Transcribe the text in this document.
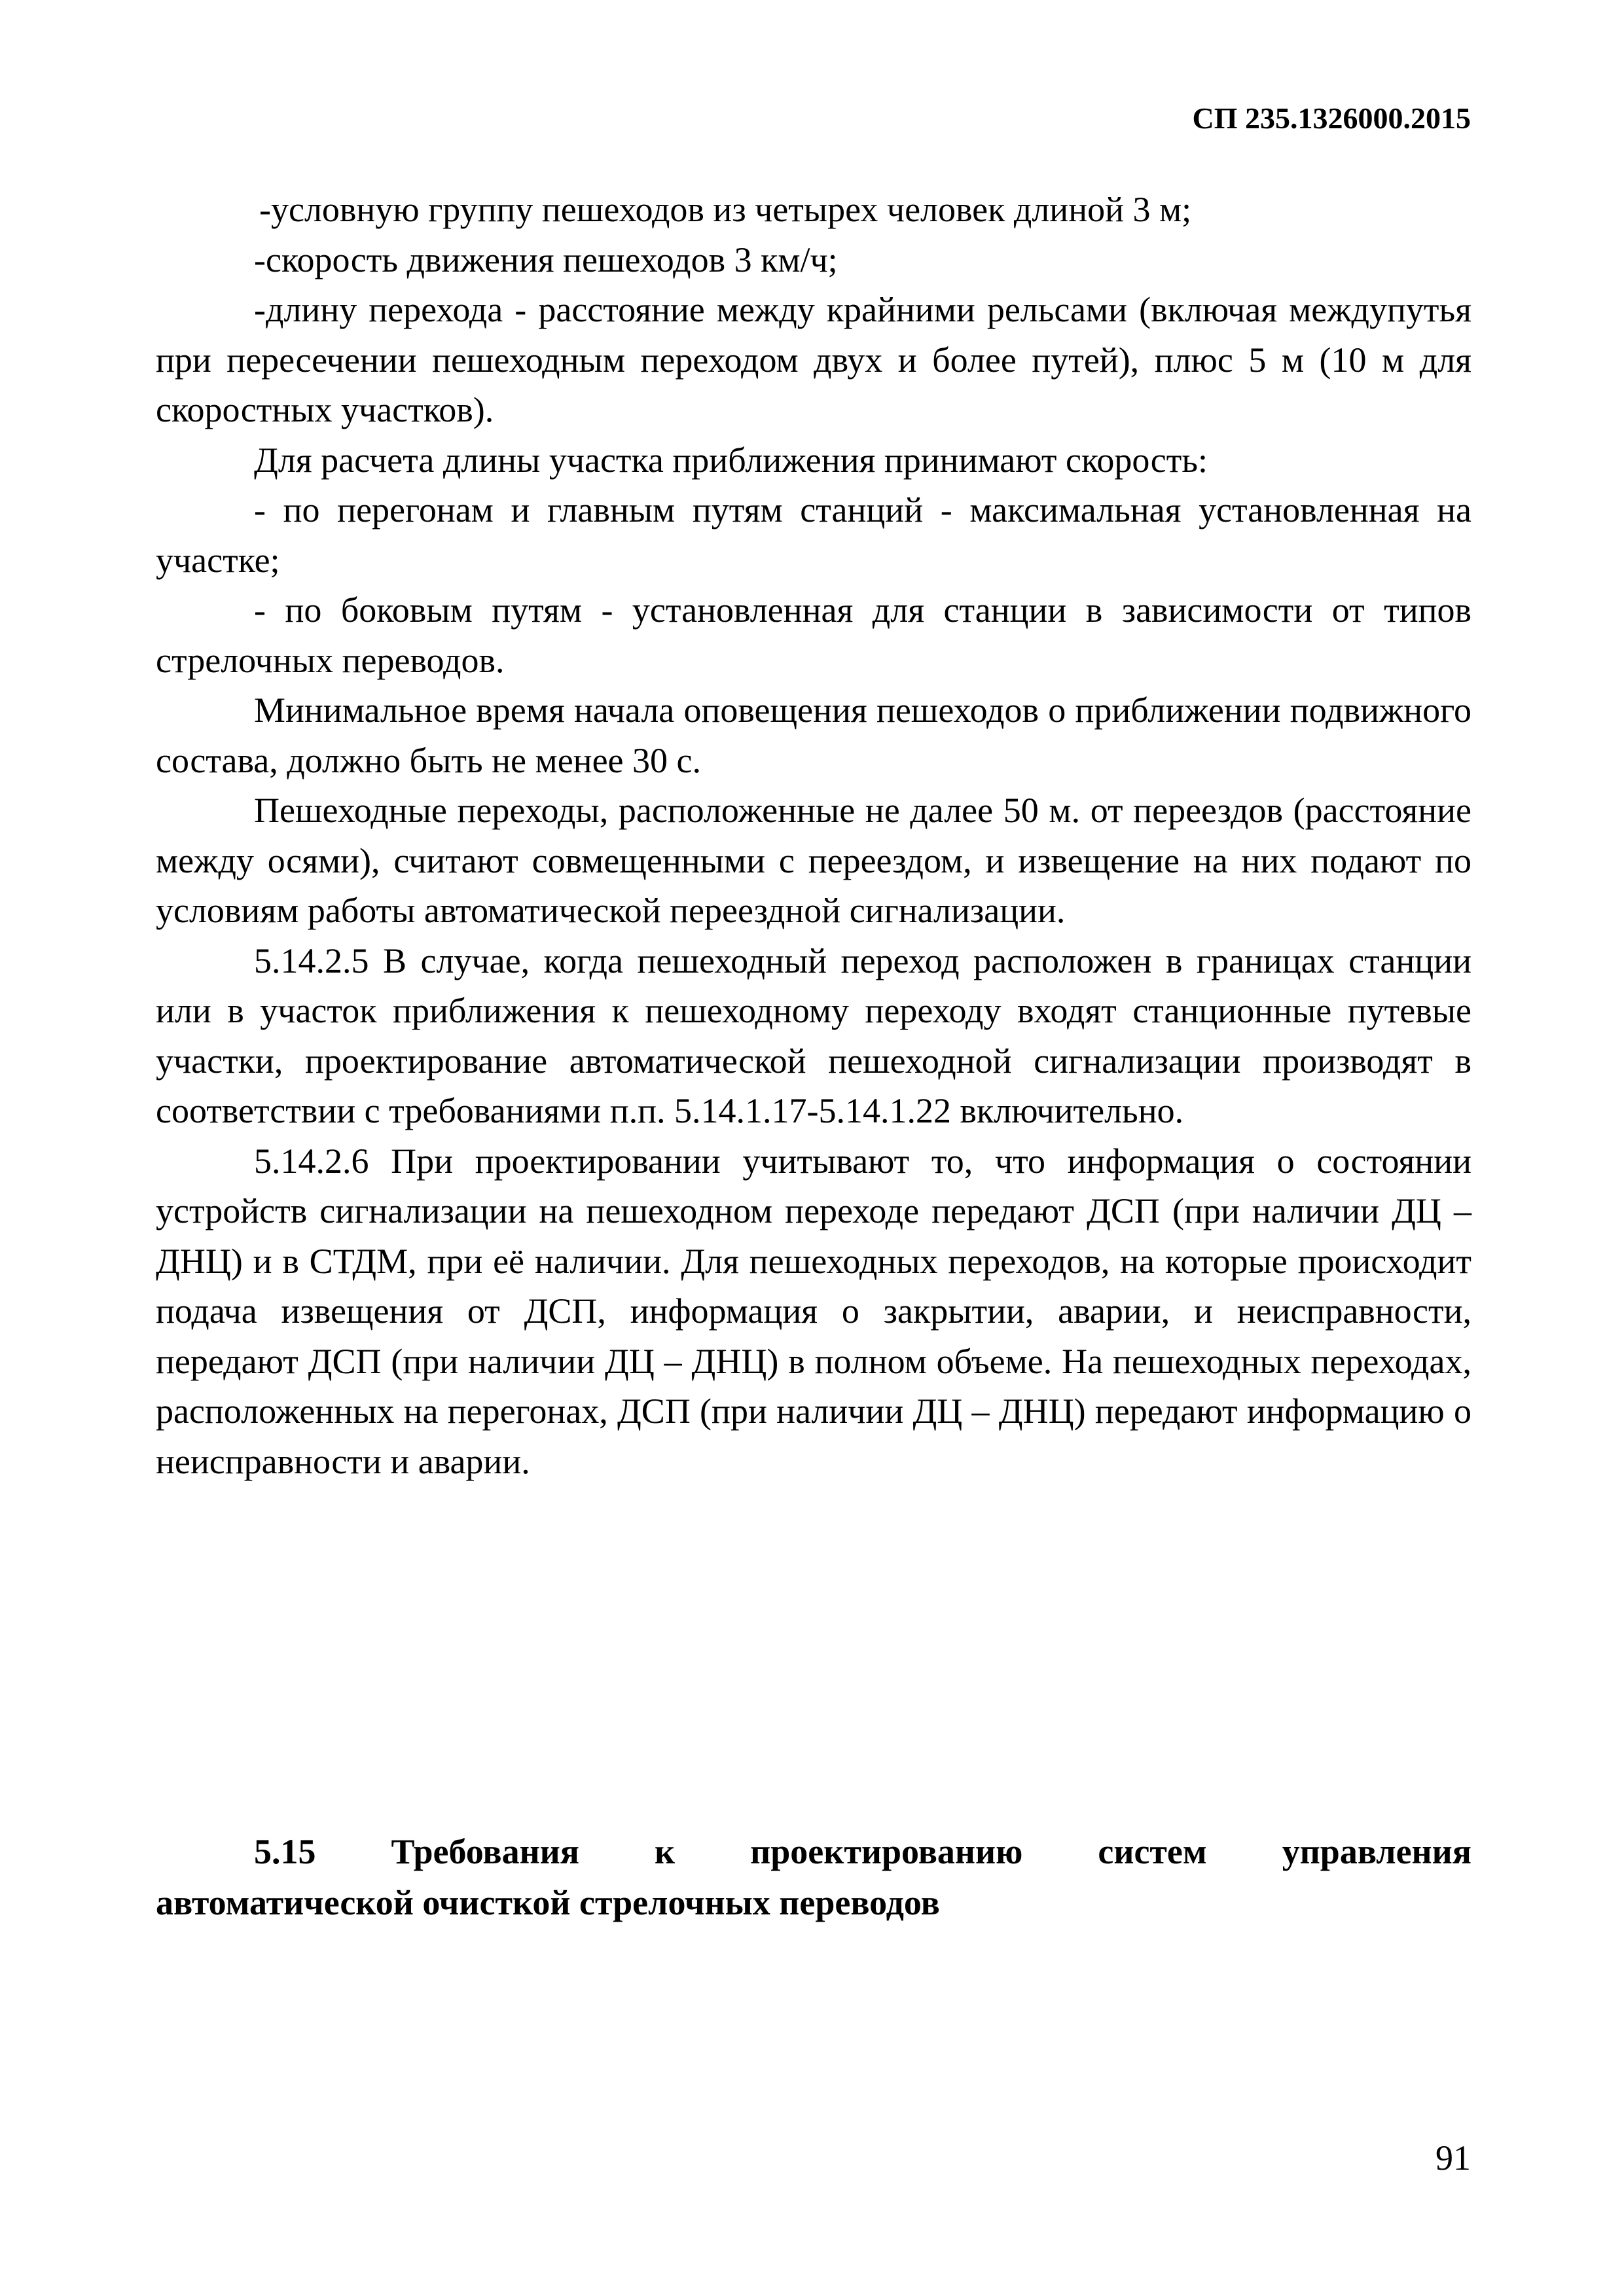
СП 235.1326000.2015

-условную группу пешеходов из четырех человек длиной 3 м;

-скорость движения пешеходов 3 км/ч;

-длину перехода - расстояние между крайними рельсами (включая междупутья при пересечении пешеходным переходом двух и более путей), плюс 5 м (10 м для скоростных участков).

Для расчета длины участка приближения принимают скорость:

- по перегонам и главным путям станций - максимальная установленная на участке;

- по боковым путям - установленная для станции в зависимости от типов стрелочных переводов.

Минимальное время начала оповещения пешеходов о приближении подвижного состава, должно быть не менее 30 с.

Пешеходные переходы, расположенные не далее 50 м. от переездов (расстояние между осями), считают совмещенными с переездом, и извещение на них подают по условиям работы автоматической переездной сигнализации.

5.14.2.5 В случае, когда пешеходный переход расположен в границах станции или в участок приближения к пешеходному переходу входят станционные путевые участки, проектирование автоматической пешеходной сигнализации производят в соответствии с требованиями п.п. 5.14.1.17-5.14.1.22 включительно.

5.14.2.6 При проектировании учитывают то, что информация о состоянии устройств сигнализации на пешеходном переходе передают ДСП (при наличии ДЦ – ДНЦ) и в СТДМ, при её наличии. Для пешеходных переходов, на которые происходит подача извещения от ДСП, информация о закрытии, аварии, и неисправности, передают ДСП (при наличии ДЦ – ДНЦ) в полном объеме. На пешеходных переходах, расположенных на перегонах, ДСП (при наличии ДЦ – ДНЦ) передают информацию о неисправности и аварии.

5.15 Требования к проектированию систем управления
автоматической очисткой стрелочных переводов
91
